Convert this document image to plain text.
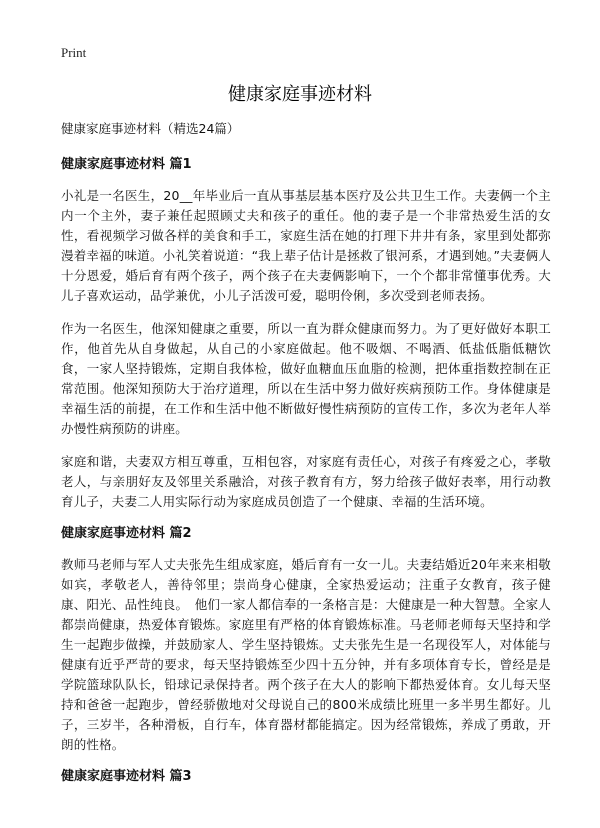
Print
健康家庭事迹材料

健康家庭事迹材料（精选24篇）

健康家庭事迹材料 篇1

小礼是一名医生，20__年毕业后一直从事基层基本医疗及公共卫生工作。夫妻俩一个主内一个主外，妻子兼任起照顾丈夫和孩子的重任。他的妻子是一个非常热爱生活的女性，看视频学习做各样的美食和手工，家庭生活在她的打理下井井有条，家里到处都弥漫着幸福的味道。小礼笑着说道：“我上辈子估计是拯救了银河系，才遇到她。”夫妻俩人十分恩爱，婚后育有两个孩子，两个孩子在夫妻俩影响下，一个个都非常懂事优秀。大儿子喜欢运动，品学兼优，小儿子活泼可爱，聪明伶俐，多次受到老师表扬。

作为一名医生，他深知健康之重要，所以一直为群众健康而努力。为了更好做好本职工作，他首先从自身做起，从自己的小家庭做起。他不吸烟、不喝酒、低盐低脂低糖饮食，一家人坚持锻炼，定期自我体检，做好血糖血压血脂的检测，把体重指数控制在正常范围。他深知预防大于治疗道理，所以在生活中努力做好疾病预防工作。身体健康是幸福生活的前提，在工作和生活中他不断做好慢性病预防的宣传工作，多次为老年人举办慢性病预防的讲座。

家庭和谐，夫妻双方相互尊重，互相包容，对家庭有责任心，对孩子有疼爱之心，孝敬老人，与亲朋好友及邻里关系融洽，对孩子教育有方，努力给孩子做好表率，用行动教育儿子，夫妻二人用实际行动为家庭成员创造了一个健康、幸福的生活环境。

健康家庭事迹材料 篇2

教师马老师与军人丈夫张先生组成家庭，婚后育有一女一儿。夫妻结婚近20年来来相敬如宾，孝敬老人，善待邻里；崇尚身心健康，全家热爱运动；注重子女教育，孩子健康、阳光、品性纯良。　他们一家人都信奉的一条格言是：大健康是一种大智慧。全家人都崇尚健康，热爱体育锻炼。家庭里有严格的体育锻炼标准。马老师老师每天坚持和学生一起跑步做操，并鼓励家人、学生坚持锻炼。丈夫张先生是一名现役军人，对体能与健康有近乎严苛的要求，每天坚持锻炼至少四十五分钟，并有多项体育专长，曾经是是学院篮球队队长，铅球记录保持者。两个孩子在大人的影响下都热爱体育。女儿每天坚持和爸爸一起跑步，曾经骄傲地对父母说自己的800米成绩比班里一多半男生都好。儿子，三岁半，各种滑板，自行车，体育器材都能搞定。因为经常锻炼，养成了勇敢，开朗的性格。

健康家庭事迹材料 篇3
